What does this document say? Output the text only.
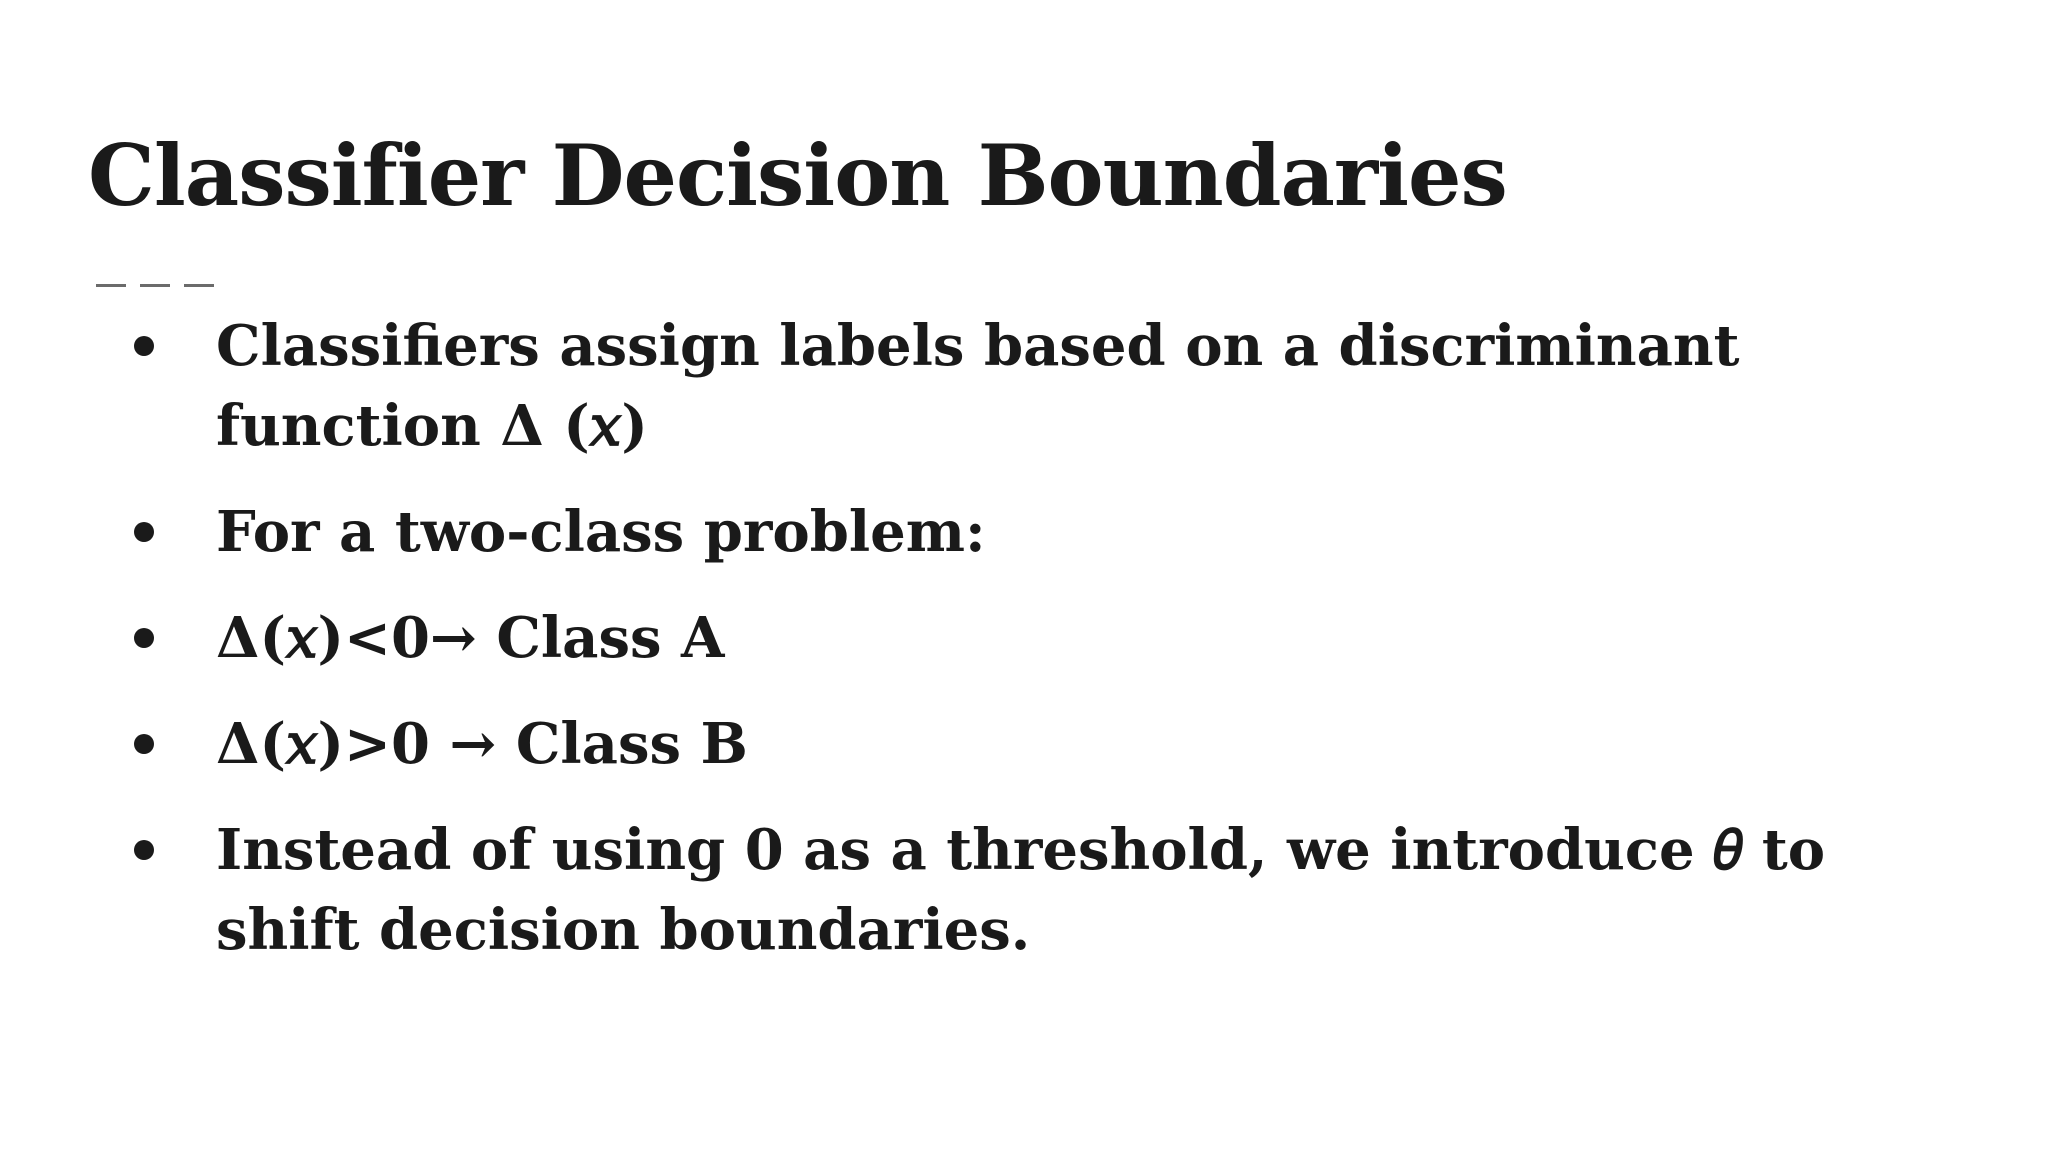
Classifier Decision Boundaries
Classifiers assign labels based on a discriminant function Δ (𝑥)
For a two-class problem:
Δ(𝑥)<0→ Class A
Δ(𝑥)>0 → Class B
Instead of using 0 as a threshold, we introduce 𝜃 to shift decision boundaries.
